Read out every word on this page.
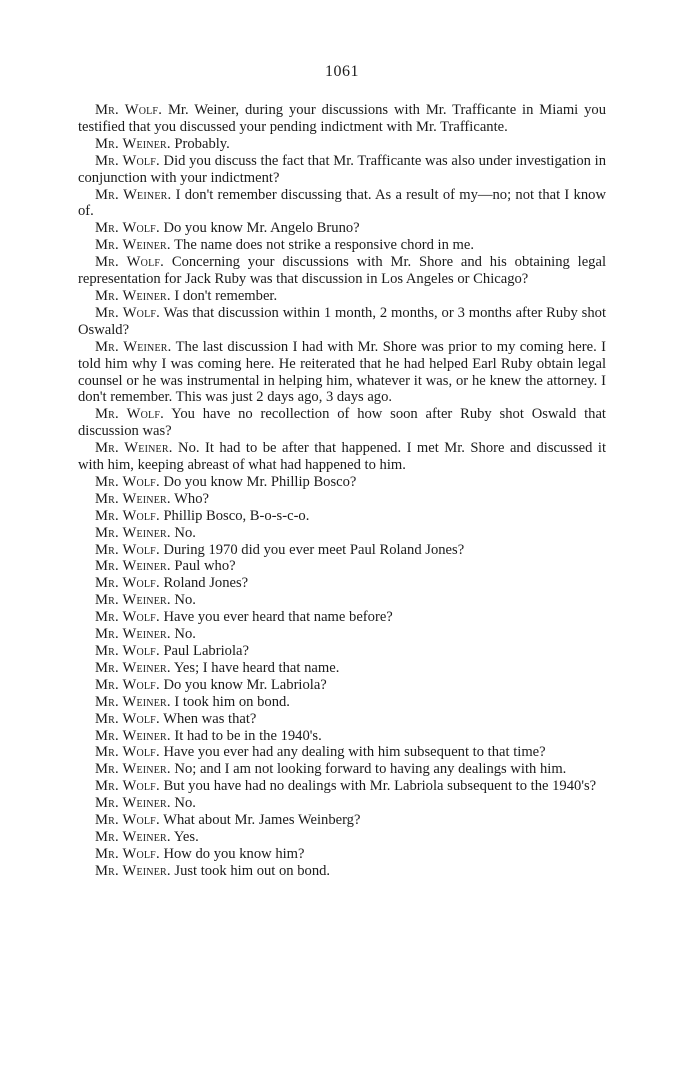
1061

Mr. Wolf. Mr. Weiner, during your discussions with Mr. Trafficante in Miami you testified that you discussed your pending indictment with Mr. Trafficante.

Mr. Weiner. Probably.

Mr. Wolf. Did you discuss the fact that Mr. Trafficante was also under investigation in conjunction with your indictment?

Mr. Weiner. I don't remember discussing that. As a result of my—no; not that I know of.

Mr. Wolf. Do you know Mr. Angelo Bruno?

Mr. Weiner. The name does not strike a responsive chord in me.

Mr. Wolf. Concerning your discussions with Mr. Shore and his obtaining legal representation for Jack Ruby was that discussion in Los Angeles or Chicago?

Mr. Weiner. I don't remember.

Mr. Wolf. Was that discussion within 1 month, 2 months, or 3 months after Ruby shot Oswald?

Mr. Weiner. The last discussion I had with Mr. Shore was prior to my coming here. I told him why I was coming here. He reiterated that he had helped Earl Ruby obtain legal counsel or he was instrumental in helping him, whatever it was, or he knew the attorney. I don't remember. This was just 2 days ago, 3 days ago.

Mr. Wolf. You have no recollection of how soon after Ruby shot Oswald that discussion was?

Mr. Weiner. No. It had to be after that happened. I met Mr. Shore and discussed it with him, keeping abreast of what had happened to him.

Mr. Wolf. Do you know Mr. Phillip Bosco?

Mr. Weiner. Who?

Mr. Wolf. Phillip Bosco, B-o-s-c-o.

Mr. Weiner. No.

Mr. Wolf. During 1970 did you ever meet Paul Roland Jones?

Mr. Weiner. Paul who?

Mr. Wolf. Roland Jones?

Mr. Weiner. No.

Mr. Wolf. Have you ever heard that name before?

Mr. Weiner. No.

Mr. Wolf. Paul Labriola?

Mr. Weiner. Yes; I have heard that name.

Mr. Wolf. Do you know Mr. Labriola?

Mr. Weiner. I took him on bond.

Mr. Wolf. When was that?

Mr. Weiner. It had to be in the 1940's.

Mr. Wolf. Have you ever had any dealing with him subsequent to that time?

Mr. Weiner. No; and I am not looking forward to having any dealings with him.

Mr. Wolf. But you have had no dealings with Mr. Labriola subsequent to the 1940's?

Mr. Weiner. No.

Mr. Wolf. What about Mr. James Weinberg?

Mr. Weiner. Yes.

Mr. Wolf. How do you know him?

Mr. Weiner. Just took him out on bond.
